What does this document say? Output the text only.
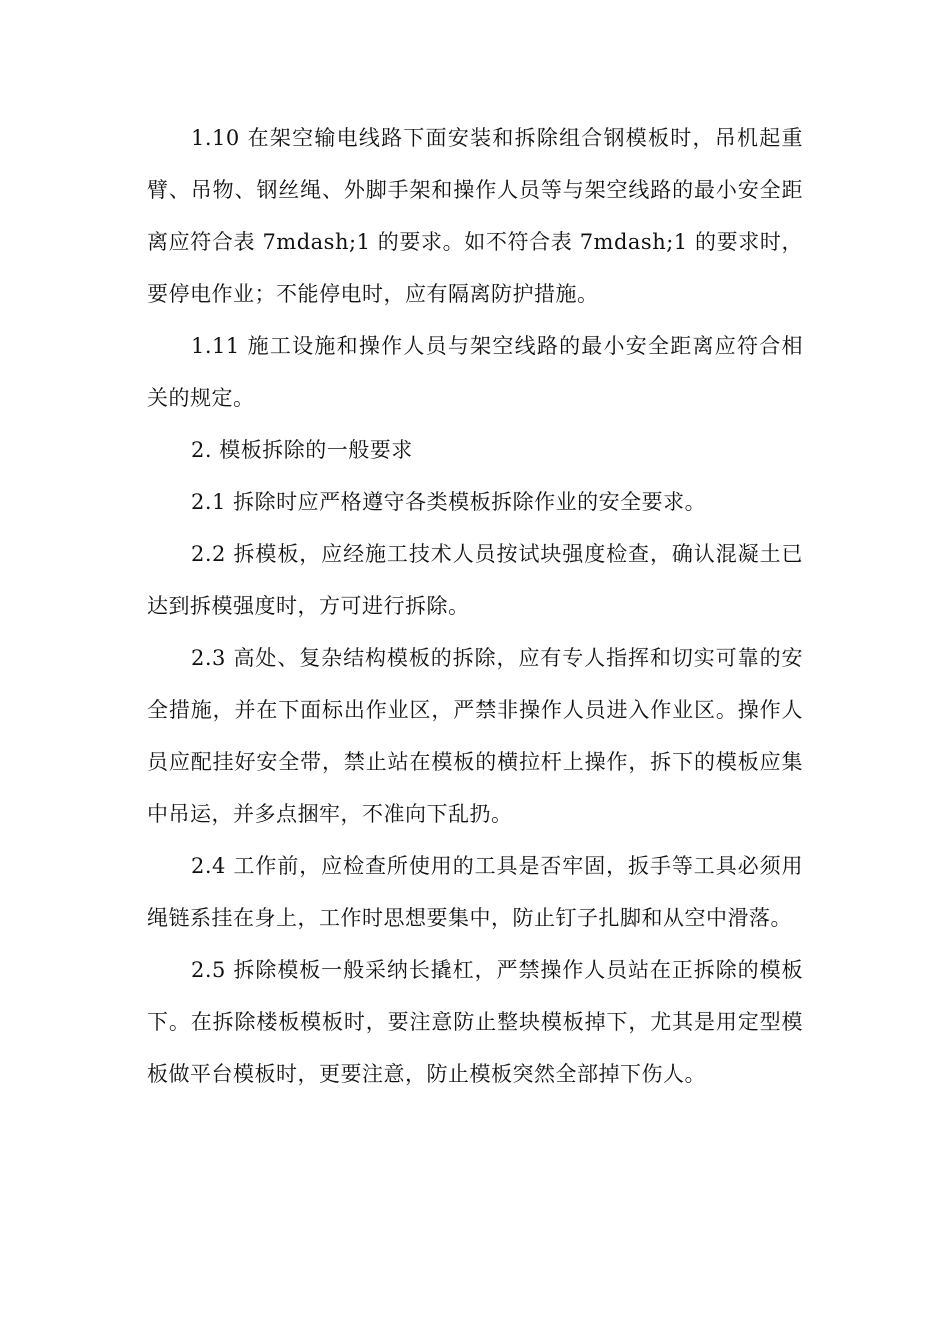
1.10 在架空输电线路下面安装和拆除组合钢模板时，吊机起重臂、吊物、钢丝绳、外脚手架和操作人员等与架空线路的最小安全距离应符合表 7mdash;1 的要求。如不符合表 7mdash;1 的要求时，要停电作业；不能停电时，应有隔离防护措施。

1.11 施工设施和操作人员与架空线路的最小安全距离应符合相关的规定。

2. 模板拆除的一般要求

2.1 拆除时应严格遵守各类模板拆除作业的安全要求。

2.2 拆模板，应经施工技术人员按试块强度检查，确认混凝土已达到拆模强度时，方可进行拆除。

2.3 高处、复杂结构模板的拆除，应有专人指挥和切实可靠的安全措施，并在下面标出作业区，严禁非操作人员进入作业区。操作人员应配挂好安全带，禁止站在模板的横拉杆上操作，拆下的模板应集中吊运，并多点捆牢，不准向下乱扔。

2.4 工作前，应检查所使用的工具是否牢固，扳手等工具必须用绳链系挂在身上，工作时思想要集中，防止钉子扎脚和从空中滑落。

2.5 拆除模板一般采纳长撬杠，严禁操作人员站在正拆除的模板下。在拆除楼板模板时，要注意防止整块模板掉下，尤其是用定型模板做平台模板时，更要注意，防止模板突然全部掉下伤人。
